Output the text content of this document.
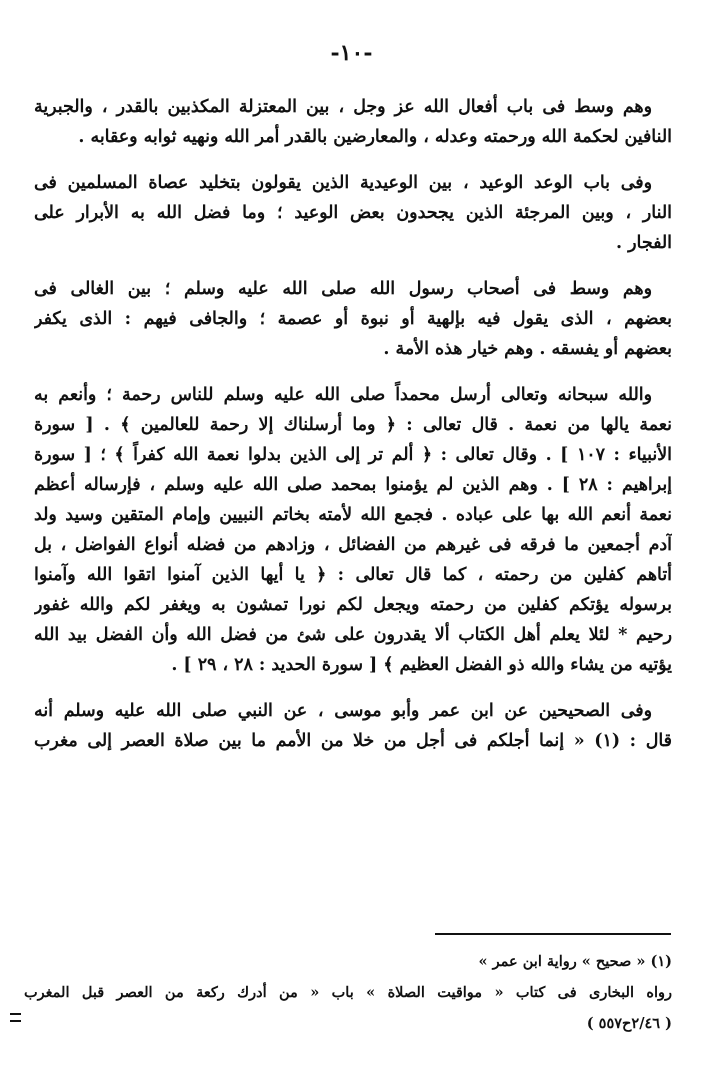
-١٠-
وهم وسط فى باب أفعال الله عز وجل ، بين المعتزلة المكذبين بالقدر ، والجبرية
النافين لحكمة الله ورحمته وعدله ، والمعارضين بالقدر أمر الله ونهيه ثوابه وعقابه .
وفى باب الوعد الوعيد ، بين الوعيدية الذين يقولون بتخليد عصاة المسلمين فى
النار ، وبين المرجئة الذين يجحدون بعض الوعيد ؛ وما فضل الله به الأبرار على
الفجار .
وهم وسط فى أصحاب رسول الله صلى الله عليه وسلم ؛ بين الغالى فى
بعضهم ، الذى يقول فيه بإلهية أو نبوة أو عصمة ؛ والجافى فيهم : الذى يكفر
بعضهم أو يفسقه . وهم خيار هذه الأمة .
والله سبحانه وتعالى أرسل محمداً صلى الله عليه وسلم للناس رحمة ؛ وأنعم به
نعمة يالها من نعمة . قال تعالى : ﴿ وما أرسلناك إلا رحمة للعالمين ﴾ . [ سورة
الأنبياء : ١٠٧ ] . وقال تعالى : ﴿ ألم تر إلى الذين بدلوا نعمة الله كفراً ﴾ ؛ [ سورة
إبراهيم : ٢٨ ] . وهم الذين لم يؤمنوا بمحمد صلى الله عليه وسلم ، فإرساله أعظم
نعمة أنعم الله بها على عباده . فجمع الله لأمته بخاتم النبيين وإمام المتقين وسيد ولد
آدم أجمعين ما فرقه فى غيرهم من الفضائل ، وزادهم من فضله أنواع الفواضل ، بل
أتاهم كفلين من رحمته ، كما قال تعالى : ﴿ يا أيها الذين آمنوا اتقوا الله وآمنوا
برسوله يؤتكم كفلين من رحمته ويجعل لكم نورا تمشون به ويغفر لكم والله غفور
رحيم * لئلا يعلم أهل الكتاب ألا يقدرون على شئ من فضل الله وأن الفضل بيد الله
يؤتيه من يشاء والله ذو الفضل العظيم ﴾ [ سورة الحديد : ٢٨ ، ٢٩ ] .
وفى الصحيحين عن ابن عمر وأبو موسى ، عن النبي صلى الله عليه وسلم أنه
قال : (١) « إنما أجلكم فى أجل من خلا من الأمم ما بين صلاة العصر إلى مغرب
(١) « صحيح » رواية ابن عمر »
رواه البخارى فى كتاب « مواقيت الصلاة » باب « من أدرك ركعة من العصر قبل المغرب
( ٢/٤٦ح٥٥٧ )
